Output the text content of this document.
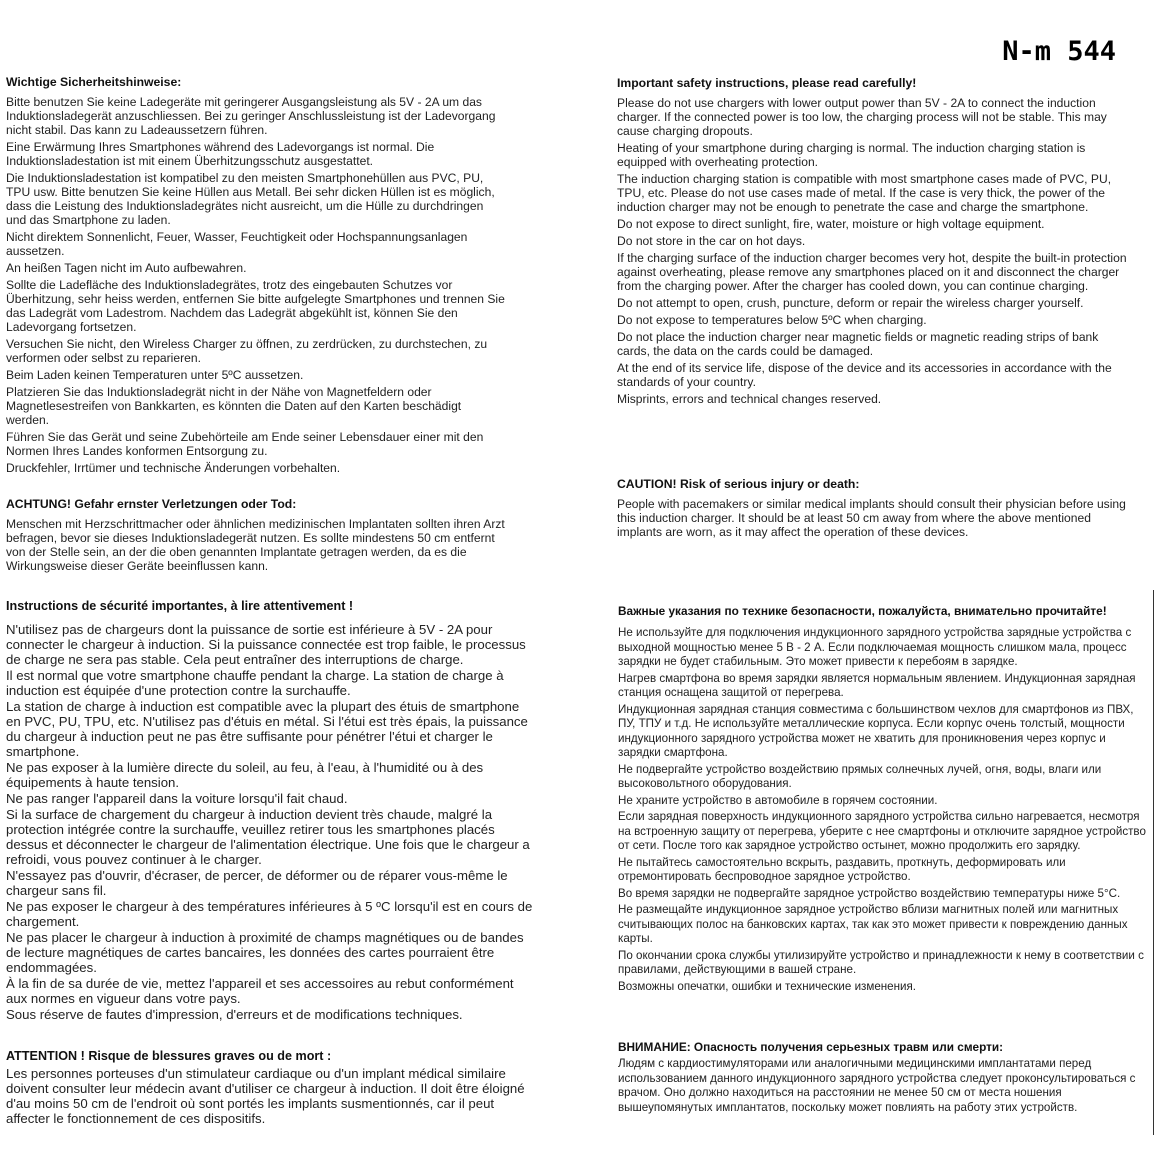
N-m 544
Wichtige Sicherheitshinweise:

Bitte benutzen Sie keine Ladegeräte mit geringerer Ausgangsleistung als 5V - 2A um das Induktionsladegerät anzuschliessen. Bei zu geringer Anschlussleistung ist der Ladevorgang nicht stabil. Das kann zu Ladeaussetzern führen.

Eine Erwärmung Ihres Smartphones während des Ladevorgangs ist normal. Die Induktionsladestation ist mit einem Überhitzungsschutz ausgestattet.

Die Induktionsladestation ist kompatibel zu den meisten Smartphonehüllen aus PVC, PU, TPU usw. Bitte benutzen Sie keine Hüllen aus Metall. Bei sehr dicken Hüllen ist es möglich, dass die Leistung des Induktionsladegrätes nicht ausreicht, um die Hülle zu durchdringen und das Smartphone zu laden.

Nicht direktem Sonnenlicht, Feuer, Wasser, Feuchtigkeit oder Hochspannungsanlagen aussetzen.

An heißen Tagen nicht im Auto aufbewahren.

Sollte die Ladefläche des Induktionsladegrätes, trotz des eingebauten Schutzes vor Überhitzung, sehr heiss werden, entfernen Sie bitte aufgelegte Smartphones und trennen Sie das Ladegrät vom Ladestrom. Nachdem das Ladegrät abgekühlt ist, können Sie den Ladevorgang fortsetzen.

Versuchen Sie nicht, den Wireless Charger zu öffnen, zu zerdrücken, zu durchstechen, zu verformen oder selbst zu reparieren.

Beim Laden keinen Temperaturen unter 5ºC aussetzen.

Platzieren Sie das Induktionsladegrät nicht in der Nähe von Magnetfeldern oder Magnetlesestreifen von Bankkarten, es könnten die Daten auf den Karten beschädigt werden.

Führen Sie das Gerät und seine Zubehörteile am Ende seiner Lebensdauer einer mit den Normen Ihres Landes konformen Entsorgung zu.

Druckfehler, Irrtümer und technische Änderungen vorbehalten.

ACHTUNG! Gefahr ernster Verletzungen oder Tod:

Menschen mit Herzschrittmacher oder ähnlichen medizinischen Implantaten sollten ihren Arzt befragen, bevor sie dieses Induktionsladegerät nutzen. Es sollte mindestens 50 cm entfernt von der Stelle sein, an der die oben genannten Implantate getragen werden, da es die Wirkungsweise dieser Geräte beeinflussen kann.

Important safety instructions, please read carefully!

Please do not use chargers with lower output power than 5V - 2A to connect the induction charger. If the connected power is too low, the charging process will not be stable. This may cause charging dropouts.

Heating of your smartphone during charging is normal. The induction charging station is equipped with overheating protection.

The induction charging station is compatible with most smartphone cases made of PVC, PU, TPU, etc. Please do not use cases made of metal. If the case is very thick, the power of the induction charger may not be enough to penetrate the case and charge the smartphone.

Do not expose to direct sunlight, fire, water, moisture or high voltage equipment.

Do not store in the car on hot days.

If the charging surface of the induction charger becomes very hot, despite the built-in protection against overheating, please remove any smartphones placed on it and disconnect the charger from the charging power. After the charger has cooled down, you can continue charging.

Do not attempt to open, crush, puncture, deform or repair the wireless charger yourself.

Do not expose to temperatures below 5ºC when charging.

Do not place the induction charger near magnetic fields or magnetic reading strips of bank cards, the data on the cards could be damaged.

At the end of its service life, dispose of the device and its accessories in accordance with the standards of your country.

Misprints, errors and technical changes reserved.

CAUTION! Risk of serious injury or death:

People with pacemakers or similar medical implants should consult their physician before using this induction charger. It should be at least 50 cm away from where the above mentioned implants are worn, as it may affect the operation of these devices.

Instructions de sécurité importantes, à lire attentivement !

N'utilisez pas de chargeurs dont la puissance de sortie est inférieure à 5V - 2A pour connecter le chargeur à induction. Si la puissance connectée est trop faible, le processus de charge ne sera pas stable. Cela peut entraîner des interruptions de charge.

Il est normal que votre smartphone chauffe pendant la charge. La station de charge à induction est équipée d'une protection contre la surchauffe.

La station de charge à induction est compatible avec la plupart des étuis de smartphone en PVC, PU, TPU, etc. N'utilisez pas d'étuis en métal. Si l'étui est très épais, la puissance du chargeur à induction peut ne pas être suffisante pour pénétrer l'étui et charger le smartphone.

Ne pas exposer à la lumière directe du soleil, au feu, à l'eau, à l'humidité ou à des équipements à haute tension.

Ne pas ranger l'appareil dans la voiture lorsqu'il fait chaud.

Si la surface de chargement du chargeur à induction devient très chaude, malgré la protection intégrée contre la surchauffe, veuillez retirer tous les smartphones placés dessus et déconnecter le chargeur de l'alimentation électrique. Une fois que le chargeur a refroidi, vous pouvez continuer à le charger.

N'essayez pas d'ouvrir, d'écraser, de percer, de déformer ou de réparer vous-même le chargeur sans fil.

Ne pas exposer le chargeur à des températures inférieures à 5 ºC lorsqu'il est en cours de chargement.

Ne pas placer le chargeur à induction à proximité de champs magnétiques ou de bandes de lecture magnétiques de cartes bancaires, les données des cartes pourraient être endommagées.

À la fin de sa durée de vie, mettez l'appareil et ses accessoires au rebut conformément aux normes en vigueur dans votre pays.

Sous réserve de fautes d'impression, d'erreurs et de modifications techniques.

ATTENTION ! Risque de blessures graves ou de mort :

Les personnes porteuses d'un stimulateur cardiaque ou d'un implant médical similaire doivent consulter leur médecin avant d'utiliser ce chargeur à induction. Il doit être éloigné d'au moins 50 cm de l'endroit où sont portés les implants susmentionnés, car il peut affecter le fonctionnement de ces dispositifs.

Важные указания по технике безопасности, пожалуйста, внимательно прочитайте!

Не используйте для подключения индукционного зарядного устройства зарядные устройства с выходной мощностью менее 5 В - 2 А. Если подключаемая мощность слишком мала, процесс зарядки не будет стабильным. Это может привести к перебоям в зарядке.

Нагрев смартфона во время зарядки является нормальным явлением. Индукционная зарядная станция оснащена защитой от перегрева.

Индукционная зарядная станция совместима с большинством чехлов для смартфонов из ПВХ, ПУ, ТПУ и т.д. Не используйте металлические корпуса. Если корпус очень толстый, мощности индукционного зарядного устройства может не хватить для проникновения через корпус и зарядки смартфона.

Не подвергайте устройство воздействию прямых солнечных лучей, огня, воды, влаги или высоковольтного оборудования.

Не храните устройство в автомобиле в горячем состоянии.

Если зарядная поверхность индукционного зарядного устройства сильно нагревается, несмотря на встроенную защиту от перегрева, уберите с нее смартфоны и отключите зарядное устройство от сети. После того как зарядное устройство остынет, можно продолжить его зарядку.

Не пытайтесь самостоятельно вскрыть, раздавить, проткнуть, деформировать или отремонтировать беспроводное зарядное устройство.

Во время зарядки не подвергайте зарядное устройство воздействию температуры ниже 5°C.

Не размещайте индукционное зарядное устройство вблизи магнитных полей или магнитных считывающих полос на банковских картах, так как это может привести к повреждению данных карты.

По окончании срока службы утилизируйте устройство и принадлежности к нему в соответствии с правилами, действующими в вашей стране.

Возможны опечатки, ошибки и технические изменения.

ВНИМАНИЕ: Опасность получения серьезных травм или смерти:

Людям с кардиостимуляторами или аналогичными медицинскими имплантатами перед использованием данного индукционного зарядного устройства следует проконсультироваться с врачом. Оно должно находиться на расстоянии не менее 50 см от места ношения вышеупомянутых имплантатов, поскольку может повлиять на работу этих устройств.
